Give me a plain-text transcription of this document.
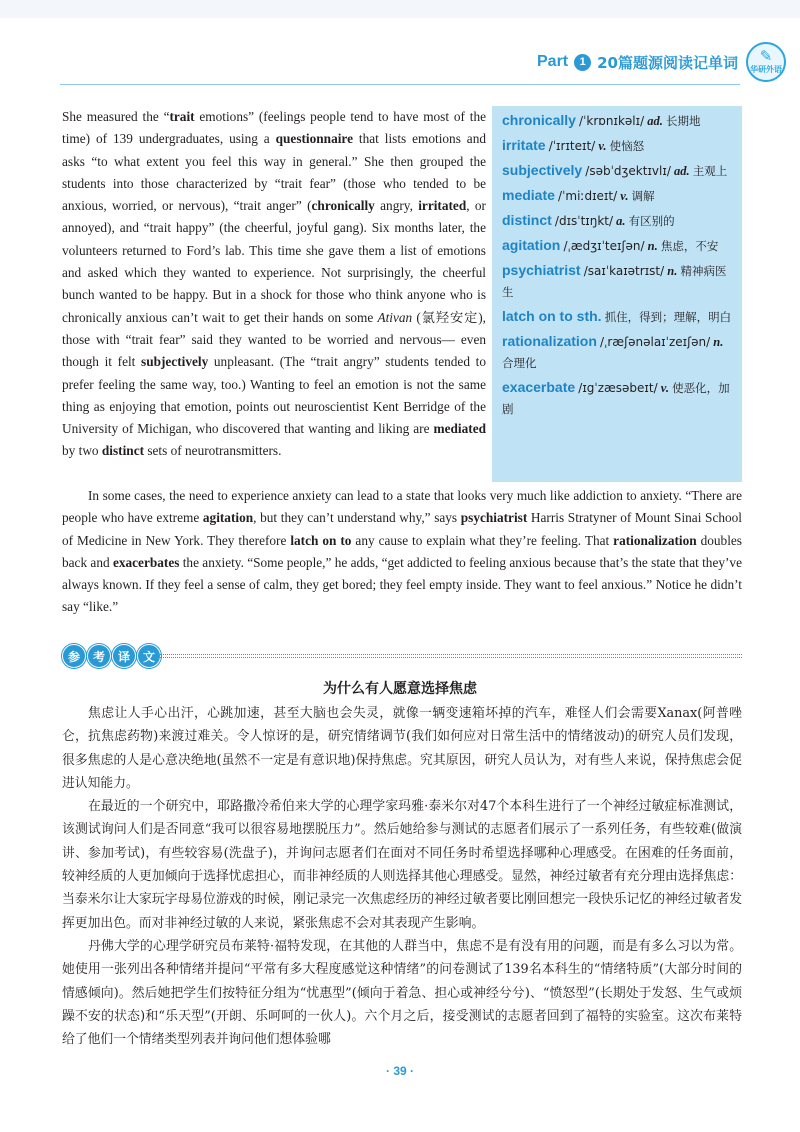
Part	1 20篇题源阅读记单词 ✎
华研外语

She measured the “trait emotions” (feelings people tend to have most of the time) of 139 undergraduates, using a questionnaire that lists emotions and asks “to what extent you feel this way in general.” She then grouped the students into those characterized by “trait fear” (those who tended to be anxious, worried, or nervous), “trait anger” (chronically angry, irritated, or annoyed), and “trait happy” (the cheerful, joyful gang). Six months later, the volunteers returned to Ford’s lab. This time she gave them a list of emotions and asked which they wanted to experience. Not surprisingly, the cheerful bunch wanted to be happy. But in a shock for those who think anyone who is chronically anxious can’t wait to get their hands on some Ativan (氯羟安定), those with “trait fear” said they wanted to be worried and nervous— even though it felt subjectively unpleasant. (The “trait angry” students tended to prefer feeling the same way, too.) Wanting to feel an emotion is not the same thing as enjoying that emotion, points out neuroscientist Kent Berridge of the University of Michigan, who discovered that wanting and liking are mediated by two distinct sets of neurotransmitters.

chronically /ˈkrɒnɪkəlɪ/ ad. 长期地
irritate /ˈɪrɪteɪt/ v. 使恼怒
subjectively /səbˈdʒektɪvlɪ/ ad. 主观上
mediate /ˈmiːdɪeɪt/ v. 调解
distinct /dɪsˈtɪŋkt/ a. 有区别的
agitation /ˌædʒɪˈteɪʃən/ n. 焦虑，不安
psychiatrist /saɪˈkaɪətrɪst/ n. 精神病医生
latch on to sth. 抓住，得到；理解，明白
rationalization /ˌræʃənəlaɪˈzeɪʃən/ n. 合理化
exacerbate /ɪgˈzæsəbeɪt/ v. 使恶化，加剧

In some cases, the need to experience anxiety can lead to a state that looks very much like addiction to anxiety. “There are people who have extreme agitation, but they can’t understand why,” says psychiatrist Harris Stratyner of Mount Sinai School of Medicine in New York. They therefore latch on to any cause to explain what they’re feeling. That rationalization doubles back and exacerbates the anxiety. “Some people,” he adds, “get addicted to feeling anxious because that’s the state that they’ve always known. If they feel a sense of calm, they get bored; they feel empty inside. They want to feel anxious.” Notice he didn’t say “like.”

参	考	译	文
为什么有人愿意选择焦虑

焦虑让人手心出汗，心跳加速，甚至大脑也会失灵，就像一辆变速箱坏掉的汽车，难怪人们会需要Xanax(阿普唑仑，抗焦虑药物)来渡过难关。令人惊讶的是，研究情绪调节(我们如何应对日常生活中的情绪波动)的研究人员们发现，很多焦虑的人是心意决绝地(虽然不一定是有意识地)保持焦虑。究其原因，研究人员认为，对有些人来说，保持焦虑会促进认知能力。

在最近的一个研究中，耶路撒冷希伯来大学的心理学家玛雅·泰米尔对47个本科生进行了一个神经过敏症标准测试，该测试询问人们是否同意“我可以很容易地摆脱压力”。然后她给参与测试的志愿者们展示了一系列任务，有些较难(做演讲、参加考试)，有些较容易(洗盘子)，并询问志愿者们在面对不同任务时希望选择哪种心理感受。在困难的任务面前，较神经质的人更加倾向于选择忧虑担心，而非神经质的人则选择其他心理感受。显然，神经过敏者有充分理由选择焦虑：当泰米尔让大家玩字母易位游戏的时候，刚记录完一次焦虑经历的神经过敏者要比刚回想完一段快乐记忆的神经过敏者发挥更加出色。而对非神经过敏的人来说，紧张焦虑不会对其表现产生影响。

丹佛大学的心理学研究员布莱特·福特发现，在其他的人群当中，焦虑不是有没有用的问题，而是有多么习以为常。她使用一张列出各种情绪并提问“平常有多大程度感觉这种情绪”的问卷测试了139名本科生的“情绪特质”(大部分时间的情感倾向)。然后她把学生们按特征分组为“忧惠型”(倾向于着急、担心或神经兮兮)、“愤怒型”(长期处于发怒、生气或烦躁不安的状态)和“乐天型”(开朗、乐呵呵的一伙人)。六个月之后，接受测试的志愿者回到了福特的实验室。这次布莱特给了他们一个情绪类型列表并询问他们想体验哪

· 39 ·
